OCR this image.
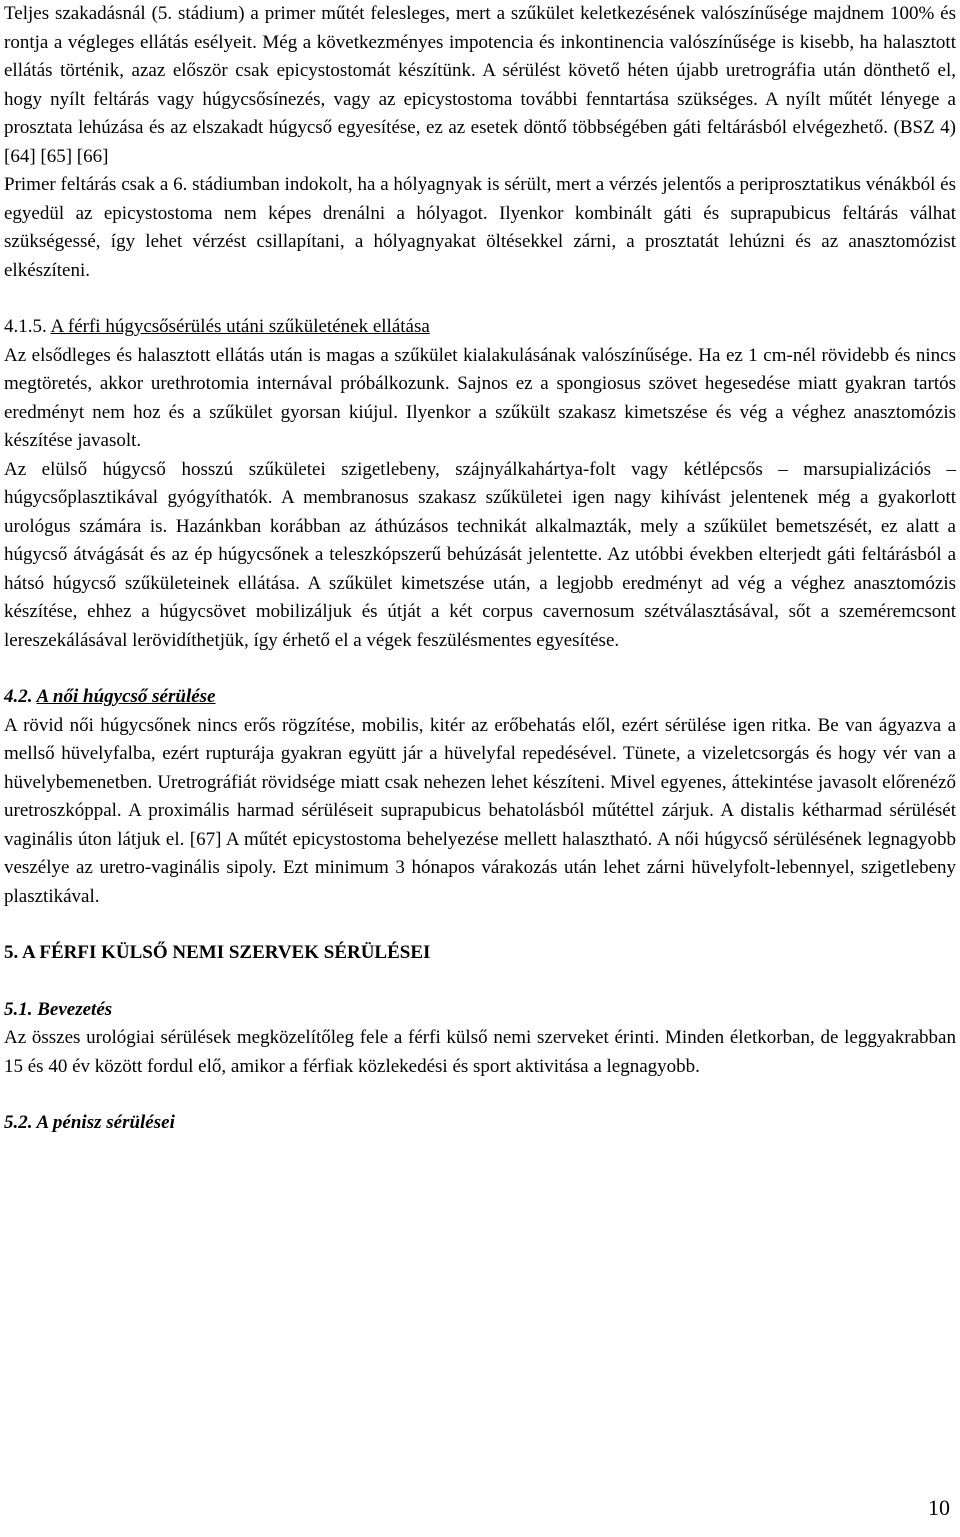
Teljes szakadásnál (5. stádium) a primer műtét felesleges, mert a szűkület keletkezésének valószínűsége majdnem 100% és rontja a végleges ellátás esélyeit. Még a következményes impotencia és inkontinencia valószínűsége is kisebb, ha halasztott ellátás történik, azaz először csak epicystostomát készítünk. A sérülést követő héten újabb uretrográfia után dönthető el, hogy nyílt feltárás vagy húgycsősínezés, vagy az epicystostoma további fenntartása szükséges. A nyílt műtét lényege a prosztata lehúzása és az elszakadt húgycső egyesítése, ez az esetek döntő többségében gáti feltárásból elvégezhető. (BSZ 4) [64] [65] [66]

Primer feltárás csak a 6. stádiumban indokolt, ha a hólyagnyak is sérült, mert a vérzés jelentős a periprosztatikus vénákból és egyedül az epicystostoma nem képes drenálni a hólyagot. Ilyenkor kombinált gáti és suprapubicus feltárás válhat szükségessé, így lehet vérzést csillapítani, a hólyagnyakat öltésekkel zárni, a prosztatát lehúzni és az anasztomózist elkészíteni.

4.1.5. A férfi húgycsősérülés utáni szűkületének ellátása

Az elsődleges és halasztott ellátás után is magas a szűkület kialakulásának valószínűsége. Ha ez 1 cm-nél rövidebb és nincs megtöretés, akkor urethrotomia internával próbálkozunk. Sajnos ez a spongiosus szövet hegesedése miatt gyakran tartós eredményt nem hoz és a szűkület gyorsan kiújul. Ilyenkor a szűkült szakasz kimetszése és vég a véghez anasztomózis készítése javasolt.

Az elülső húgycső hosszú szűkületei szigetlebeny, szájnyálkahártya-folt vagy kétlépcsős – marsupializációs – húgycsőplasztikával gyógyíthatók. A membranosus szakasz szűkületei igen nagy kihívást jelentenek még a gyakorlott urológus számára is. Hazánkban korábban az áthúzásos technikát alkalmazták, mely a szűkület bemetszését, ez alatt a húgycső átvágását és az ép húgycsőnek a teleszkópszerű behúzását jelentette. Az utóbbi években elterjedt gáti feltárásból a hátsó húgycső szűkületeinek ellátása. A szűkület kimetszése után, a legjobb eredményt ad vég a véghez anasztomózis készítése, ehhez a húgycsövet mobilizáljuk és útját a két corpus cavernosum szétválasztásával, sőt a szeméremcsont lereszekálásával lerövidíthetjük, így érhető el a végek feszülésmentes egyesítése.

4.2. A női húgycső sérülése

A rövid női húgycsőnek nincs erős rögzítése, mobilis, kitér az erőbehatás elől, ezért sérülése igen ritka. Be van ágyazva a mellső hüvelyfalba, ezért rupturája gyakran együtt jár a hüvelyfal repedésével. Tünete, a vizeletcsorgás és hogy vér van a hüvelybemenetben. Uretrográfiát rövidsége miatt csak nehezen lehet készíteni. Mivel egyenes, áttekintése javasolt előrenéző uretroszkóppal. A proximális harmad sérüléseit suprapubicus behatolásból műtéttel zárjuk. A distalis kétharmad sérülését vaginális úton látjuk el. [67] A műtét epicystostoma behelyezése mellett halasztható. A női húgycső sérülésének legnagyobb veszélye az uretro-vaginális sipoly. Ezt minimum 3 hónapos várakozás után lehet zárni hüvelyfolt-lebennyel, szigetlebeny plasztikával.

5. A FÉRFI KÜLSŐ NEMI SZERVEK SÉRÜLÉSEI

5.1. Bevezetés

Az összes urológiai sérülések megközelítőleg fele a férfi külső nemi szerveket érinti. Minden életkorban, de leggyakrabban 15 és 40 év között fordul elő, amikor a férfiak közlekedési és sport aktivitása a legnagyobb.

5.2. A pénisz sérülései

10
